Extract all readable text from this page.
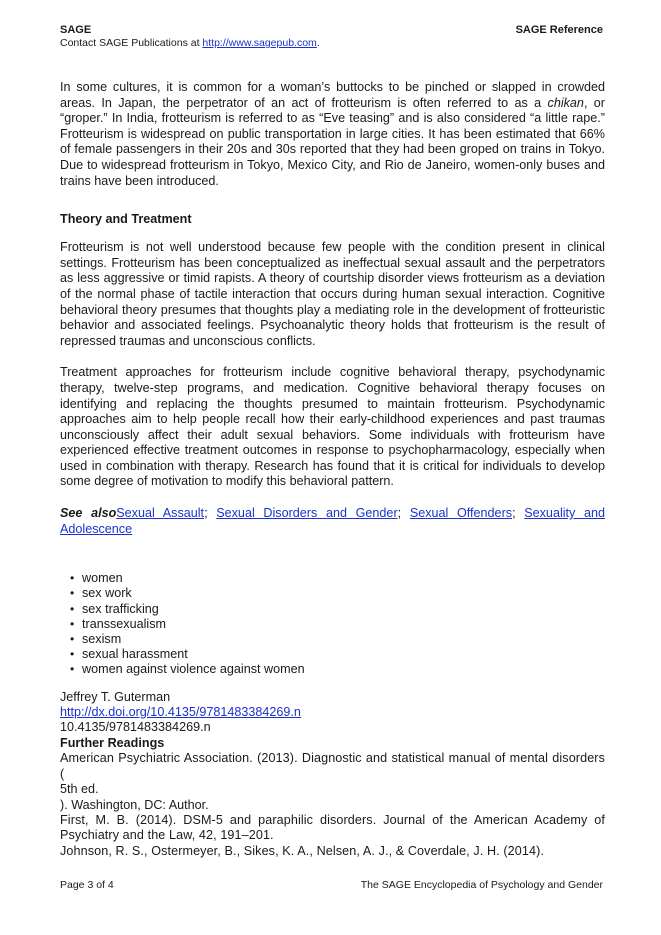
SAGE
Contact SAGE Publications at http://www.sagepub.com.
SAGE Reference

In some cultures, it is common for a woman’s buttocks to be pinched or slapped in crowded areas. In Japan, the perpetrator of an act of frotteurism is often referred to as a chikan, or “groper.” In India, frotteurism is referred to as “Eve teasing” and is also considered “a little rape.” Frotteurism is widespread on public transportation in large cities. It has been estimated that 66% of female passengers in their 20s and 30s reported that they had been groped on trains in Tokyo. Due to widespread frotteurism in Tokyo, Mexico City, and Rio de Janeiro, women-only buses and trains have been introduced.

Theory and Treatment

Frotteurism is not well understood because few people with the condition present in clinical settings. Frotteurism has been conceptualized as ineffectual sexual assault and the perpetrators as less aggressive or timid rapists. A theory of courtship disorder views frotteurism as a deviation of the normal phase of tactile interaction that occurs during human sexual interaction. Cognitive behavioral theory presumes that thoughts play a mediating role in the development of frotteuristic behavior and associated feelings. Psychoanalytic theory holds that frotteurism is the result of repressed traumas and unconscious conflicts.

Treatment approaches for frotteurism include cognitive behavioral therapy, psychodynamic therapy, twelve-step programs, and medication. Cognitive behavioral therapy focuses on identifying and replacing the thoughts presumed to maintain frotteurism. Psychodynamic approaches aim to help people recall how their early-childhood experiences and past traumas unconsciously affect their adult sexual behaviors. Some individuals with frotteurism have experienced effective treatment outcomes in response to psychopharmacology, especially when used in combination with therapy. Research has found that it is critical for individuals to develop some degree of motivation to modify this behavioral pattern.

See alsoSexual Assault; Sexual Disorders and Gender; Sexual Offenders; Sexuality and Adolescence

• women
• sex work
• sex trafficking
• transsexualism
• sexism
• sexual harassment
• women against violence against women

Jeffrey T. Guterman

http://dx.doi.org/10.4135/9781483384269.n

10.4135/9781483384269.n

Further Readings

American Psychiatric Association. (2013). Diagnostic and statistical manual of mental disorders (

5th ed.

). Washington, DC: Author.

First, M. B. (2014). DSM-5 and paraphilic disorders. Journal of the American Academy of Psychiatry and the Law, 42, 191–201.

Johnson, R. S., Ostermeyer, B., Sikes, K. A., Nelsen, A. J., & Coverdale, J. H. (2014).

Page 3 of 4	The SAGE Encyclopedia of Psychology and Gender
